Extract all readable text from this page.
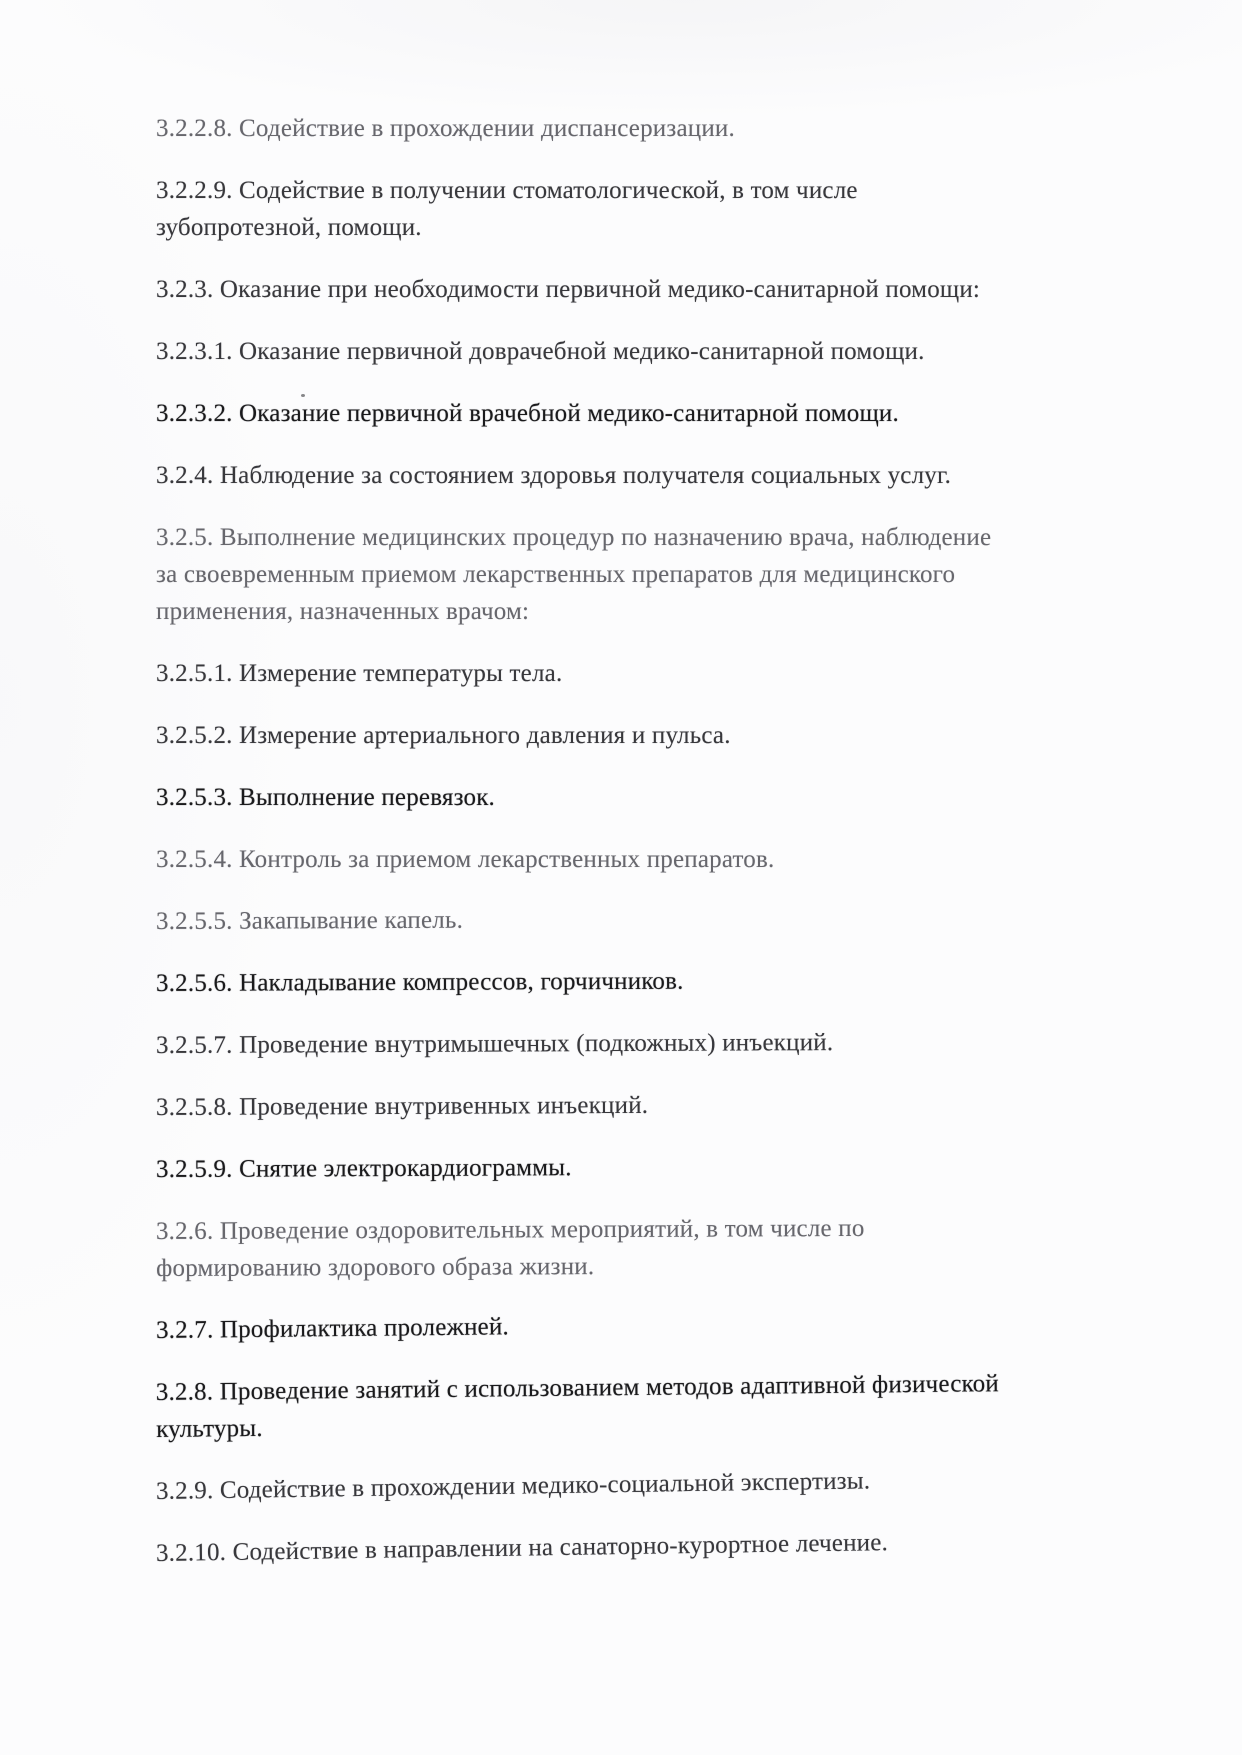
3.2.2.8. Содействие в прохождении диспансеризации.
3.2.2.9. Содействие в получении стоматологической, в том числе
зубопротезной, помощи.
3.2.3. Оказание при необходимости первичной медико-санитарной помощи:
3.2.3.1. Оказание первичной доврачебной медико-санитарной помощи.
3.2.3.2. Оказание первичной врачебной медико-санитарной помощи.
3.2.4. Наблюдение за состоянием здоровья получателя социальных услуг.
3.2.5. Выполнение медицинских процедур по назначению врача, наблюдение
за своевременным приемом лекарственных препаратов для медицинского
применения, назначенных врачом:
3.2.5.1. Измерение температуры тела.
3.2.5.2. Измерение артериального давления и пульса.
3.2.5.3. Выполнение перевязок.
3.2.5.4. Контроль за приемом лекарственных препаратов.
3.2.5.5. Закапывание капель.
3.2.5.6. Накладывание компрессов, горчичников.
3.2.5.7. Проведение внутримышечных (подкожных) инъекций.
3.2.5.8. Проведение внутривенных инъекций.
3.2.5.9. Снятие электрокардиограммы.
3.2.6. Проведение оздоровительных мероприятий, в том числе по
формированию здорового образа жизни.
3.2.7. Профилактика пролежней.
3.2.8. Проведение занятий с использованием методов адаптивной физической
культуры.
3.2.9. Содействие в прохождении медико-социальной экспертизы.
3.2.10. Содействие в направлении на санаторно-курортное лечение.
